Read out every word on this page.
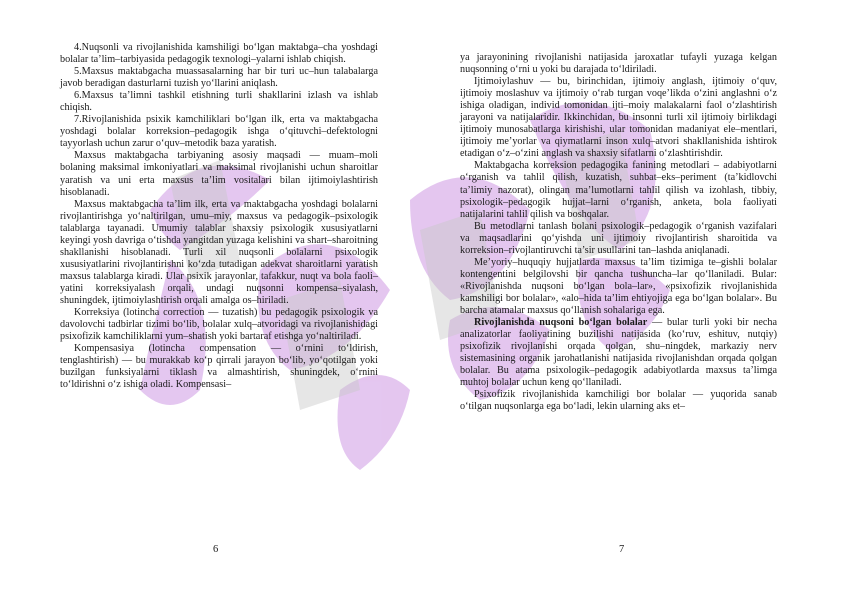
4.Nuqsonli va rivojlanishida kamshiligi bo‘lgan maktabga–cha yoshdagi bolalar ta’lim–tarbiyasida pedagogik texnologi–yalarni ishlab chiqish.

5.Maxsus maktabgacha muassasalarning har bir turi uc–hun talabalarga javob beradigan dasturlarni tuzish yo‘llarini aniqlash.

6.Maxsus ta’limni tashkil etishning turli shakllarini izlash va ishlab chiqish.

7.Rivojlanishida psixik kamchiliklari bo‘lgan ilk, erta va maktabgacha yoshdagi bolalar korreksion–pedagogik ishga o‘qituvchi–defektologni tayyorlash uchun zarur o‘quv–metodik baza yaratish.

Maxsus maktabgacha tarbiyaning asosiy maqsadi — muam–moli bolaning maksimal imkoniyatlari va maksimal rivojlanishi uchun sharoitlar yaratish va uni erta maxsus ta’lim vositalari bilan ijtimoiylashtirish hisoblanadi.

Maxsus maktabgacha ta’lim ilk, erta va maktabgacha yoshdagi bolalarni rivojlantirishga yo‘naltirilgan, umu–miy, maxsus va pedagogik–psixologik talablarga tayanadi. Umumiy talablar shaxsiy psixologik xususiyatlarni keyingi yosh davriga o‘tishda yangitdan yuzaga kelishini va shart–sharoitning shakllanishi hisoblanadi. Turli xil nuqsonli bolalarni psixologik xususiyatlarini rivojlantirishni ko‘zda tutadigan adekvat sharoitlarni yaratish maxsus talablarga kiradi. Ular psixik jarayonlar, tafakkur, nuqt va bola faoli–yatini korreksiyalash orqali, undagi nuqsonni kompensa–siyalash, shuningdek, ijtimoiylashtirish orqali amalga os–hiriladi.

Korreksiya (lotincha correction — tuzatish) bu pedagogik psixologik va davolovchi tadbirlar tizimi bo‘lib, bolalar xulq–atvoridagi va rivojlanishidagi psixofizik kamchiliklarni yum–shatish yoki bartaraf etishga yo‘naltiriladi.

Kompensasiya (lotincha compensation — o‘rnini to‘ldirish, tenglashtirish) — bu murakkab ko‘p qirrali jarayon bo‘lib, yo‘qotilgan yoki buzilgan funksiyalarni tiklash va almashtirish, shuningdek, o‘rnini to‘ldirishni o‘z ishiga oladi. Kompensasi–

6

ya jarayonining rivojlanishi natijasida jaroxatlar tufayli yuzaga kelgan nuqsonning o‘rni u yoki bu darajada to‘ldiriladi.

Ijtimoiylashuv — bu, birinchidan, ijtimoiy anglash, ijtimoiy o‘quv, ijtimoiy moslashuv va ijtimoiy o‘rab turgan voqe’likda o‘zini anglashni o‘z ishiga oladigan, individ tomonidan ijti–moiy malakalarni faol o‘zlashtirish jarayoni va natijalaridir. Ikkinchidan, bu insonni turli xil ijtimoiy birlikdagi ijtimoiy munosabatlarga kirishishi, ular tomonidan madaniyat ele–mentlari, ijtimoiy me’yorlar va qiymatlarni inson xulq–atvori shakllanishida ishtirok etadigan o‘z–o‘zini anglash va shaxsiy sifatlarni o‘zlashtirishdir.

Maktabgacha korreksion pedagogika fanining metodlari – adabiyotlarni o‘rganish va tahlil qilish, kuzatish, suhbat–eks–periment (ta’kidlovchi ta’limiy nazorat), olingan ma’lumotlarni tahlil qilish va izohlash, tibbiy, psixologik–pedagogik hujjat–larni o‘rganish, anketa, bola faoliyati natijalarini tahlil qilish va boshqalar.

Bu metodlarni tanlash bolani psixologik–pedagogik o‘rganish vazifalari va maqsadlarini qo‘yishda uni ijtimoiy rivojlantirish sharoitida va korreksion–rivojlantiruvchi ta’sir usullarini tan–lashda aniqlanadi.

Me’yoriy–huquqiy hujjatlarda maxsus ta’lim tizimiga te–gishli bolalar kontengentini belgilovshi bir qancha tushuncha–lar qo‘llaniladi. Bular: «Rivojlanishda nuqsoni bo‘lgan bola–lar», «psixofizik rivojlanishida kamshiligi bor bolalar», «alo–hida ta’lim ehtiyojiga ega bo‘lgan bolalar». Bu barcha atamalar maxsus qo‘llanish sohalariga ega.

Rivojlanishda nuqsoni bo‘lgan bolalar — bular turli yoki bir necha analizatorlar faoliyatining buzilishi natijasida (ko‘ruv, eshituv, nutqiy) psixofizik rivojlanishi orqada qolgan, shu–ningdek, markaziy nerv sistemasining organik jarohatlanishi natijasida rivojlanishdan orqada qolgan bolalar. Bu atama psixologik–pedagogik adabiyotlarda maxsus ta’limga muhtoj bolalar uchun keng qo‘llaniladi.

Psixofizik rivojlanishida kamchiligi bor bolalar — yuqorida sanab o‘tilgan nuqsonlarga ega bo‘ladi, lekin ularning aks et–

7
